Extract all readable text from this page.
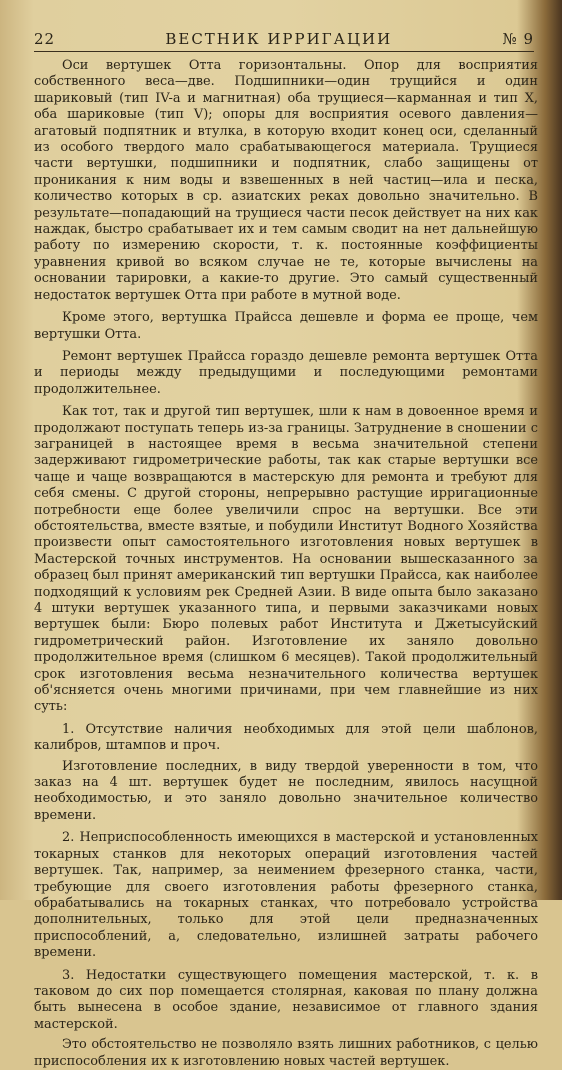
22	ВЕСТНИК ИРРИГАЦИИ	№ 9

Оси вертушек Отта горизонтальны. Опор для восприятия собственного веса—две. Подшипники—один трущийся и один шариковый (тип IV-а и магнитная) оба трущиеся—карманная и тип X, оба шариковые (тип V); опоры для восприятия осевого давления—агатовый подпятник и втулка, в которую входит конец оси, сделанный из особого твердого мало срабатывающегося материала. Трущиеся части вертушки, подшипники и подпятник, слабо защищены от проникания к ним воды и взвешенных в ней частиц—ила и песка, количество которых в ср. азиатских реках довольно значительно. В результате—попадающий на трущиеся части песок действует на них как наждак, быстро срабатывает их и тем самым сводит на нет дальнейшую работу по измерению скорости, т. к. постоянные коэффициенты уравнения кривой во всяком случае не те, которые вычислены на основании тарировки, а какие-то другие. Это самый существенный недостаток вертушек Отта при работе в мутной воде.

Кроме этого, вертушка Прайсса дешевле и форма ее проще, чем вертушки Отта.

Ремонт вертушек Прайсса гораздо дешевле ремонта вертушек Отта и периоды между предыдущими и последующими ремонтами продолжительнее.

Как тот, так и другой тип вертушек, шли к нам в довоенное время и продолжают поступать теперь из-за границы. Затруднение в сношении с заграницей в настоящее время в весьма значительной степени задерживают гидрометрические работы, так как старые вертушки все чаще и чаще возвращаются в мастерскую для ремонта и требуют для себя смены. С другой стороны, непрерывно растущие ирригационные потребности еще более увеличили спрос на вертушки. Все эти обстоятельства, вместе взятые, и побудили Институт Водного Хозяйства произвести опыт самостоятельного изготовления новых вертушек в Мастерской точных инструментов. На основании вышесказанного за образец был принят американский тип вертушки Прайсса, как наиболее подходящий к условиям рек Средней Азии. В виде опыта было заказано 4 штуки вертушек указанного типа, и первыми заказчиками новых вертушек были: Бюро полевых работ Института и Джетысуйский гидрометрический район. Изготовление их заняло довольно продолжительное время (слишком 6 месяцев). Такой продолжительный срок изготовления весьма незначительного количества вертушек об'ясняется очень многими причинами, при чем главнейшие из них суть:

1. Отсутствие наличия необходимых для этой цели шаблонов, калибров, штампов и проч.

Изготовление последних, в виду твердой уверенности в том, что заказ на 4 шт. вертушек будет не последним, явилось насущной необходимостью, и это заняло довольно значительное количество времени.

2. Неприспособленность имеющихся в мастерской и установленных токарных станков для некоторых операций изготовления частей вертушек. Так, например, за неимением фрезерного станка, части, требующие для своего изготовления работы фрезерного станка, обрабатывались на токарных станках, что потребовало устройства дополнительных, только для этой цели предназначенных приспособлений, а, следовательно, излишней затраты рабочего времени.

3. Недостатки существующего помещения мастерской, т. к. в таковом до сих пор помещается столярная, каковая по плану должна быть вынесена в особое здание, независимое от главного здания мастерской.

Это обстоятельство не позволяло взять лишних работников, с целью приспособления их к изготовлению новых частей вертушек.
